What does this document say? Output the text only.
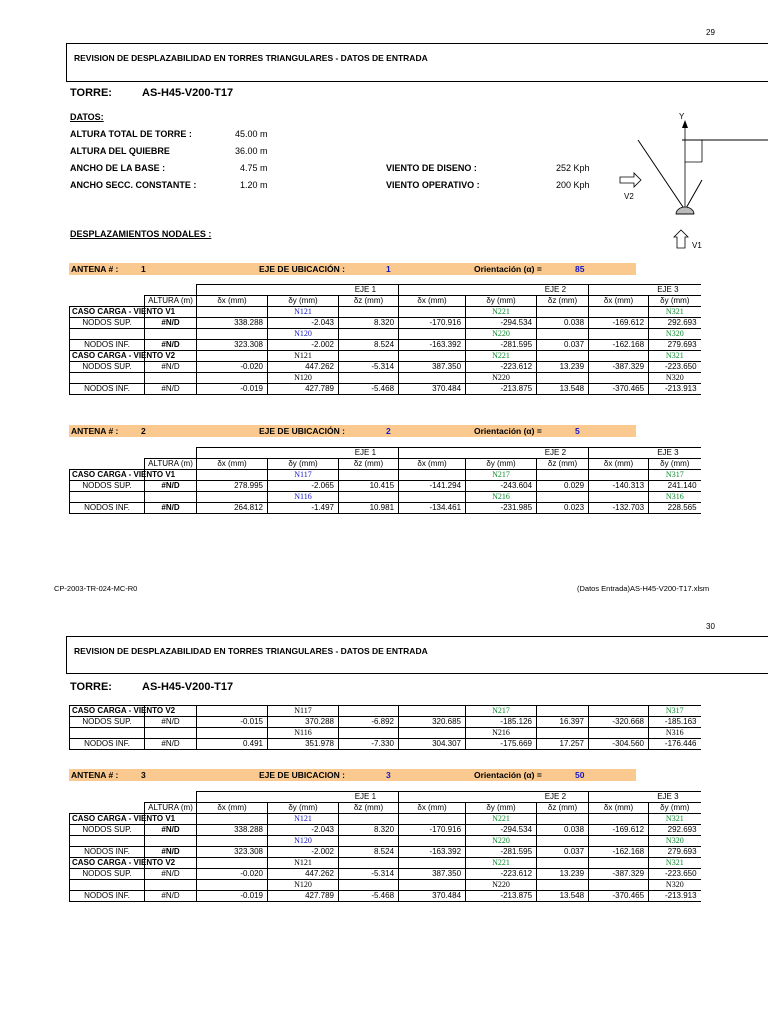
29
REVISION DE DESPLAZABILIDAD EN TORRES TRIANGULARES - DATOS DE ENTRADA
TORRE:	AS-H45-V200-T17
DATOS:
ALTURA TOTAL DE TORRE :	45.00 m
ALTURA DEL QUIEBRE	36.00 m
ANCHO DE LA BASE :	4.75 m
ANCHO SECC. CONSTANTE :	1.20 m
VIENTO DE DISENO :	252 Kph
VIENTO OPERATIVO :	200 Kph
Y
V2
V1
DESPLAZAMIENTOS NODALES :
ANTENA # :	1	EJE DE UBICACIÓN :	1	Orientación (α) =	85
		EJE 1			EJE 2			EJE 3	
	ALTURA (m)	δx (mm)	δy (mm)	δz (mm)	δx (mm)	δy (mm)	δz (mm)	δx (mm)	δy (mm)
CASO CARGA - VIENTO V1			N121			N221			N321
NODOS SUP.	#N/D	338.288	-2.043	8.320	-170.916	-294.534	0.038	-169.612	292.693
			N120			N220			N320
NODOS INF.	#N/D	323.308	-2.002	8.524	-163.392	-281.595	0.037	-162.168	279.693
CASO CARGA - VIENTO V2			N121			N221			N321
NODOS SUP.	#N/D	-0.020	447.262	-5.314	387.350	-223.612	13.239	-387.329	-223.650
			N120			N220			N320
NODOS INF.	#N/D	-0.019	427.789	-5.468	370.484	-213.875	13.548	-370.465	-213.913
ANTENA # :	2	EJE DE UBICACIÓN :	2	Orientación (α) =	5
		EJE 1			EJE 2			EJE 3	
	ALTURA (m)	δx (mm)	δy (mm)	δz (mm)	δx (mm)	δy (mm)	δz (mm)	δx (mm)	δy (mm)
CASO CARGA - VIENTO V1			N117			N217			N317
NODOS SUP.	#N/D	278.995	-2.065	10.415	-141.294	-243.604	0.029	-140.313	241.140
			N116			N216			N316
NODOS INF.	#N/D	264.812	-1.497	10.981	-134.461	-231.985	0.023	-132.703	228.565
CP-2003-TR-024-MC-R0	(Datos Entrada)AS-H45-V200-T17.xlsm
30
REVISION DE DESPLAZABILIDAD EN TORRES TRIANGULARES - DATOS DE ENTRADA
TORRE:	AS-H45-V200-T17
CASO CARGA - VIENTO V2			N117			N217			N317
NODOS SUP.	#N/D	-0.015	370.288	-6.892	320.685	-185.126	16.397	-320.668	-185.163
			N116			N216			N316
NODOS INF.	#N/D	0.491	351.978	-7.330	304.307	-175.669	17.257	-304.560	-176.446
ANTENA # :	3	EJE DE UBICACION :	3	Orientación (α) =	50
		EJE 1			EJE 2			EJE 3	
	ALTURA (m)	δx (mm)	δy (mm)	δz (mm)	δx (mm)	δy (mm)	δz (mm)	δx (mm)	δy (mm)
CASO CARGA - VIENTO V1			N121			N221			N321
NODOS SUP.	#N/D	338.288	-2.043	8.320	-170.916	-294.534	0.038	-169.612	292.693
			N120			N220			N320
NODOS INF.	#N/D	323.308	-2.002	8.524	-163.392	-281.595	0.037	-162.168	279.693
CASO CARGA - VIENTO V2			N121			N221			N321
NODOS SUP.	#N/D	-0.020	447.262	-5.314	387.350	-223.612	13.239	-387.329	-223.650
			N120			N220			N320
NODOS INF.	#N/D	-0.019	427.789	-5.468	370.484	-213.875	13.548	-370.465	-213.913
